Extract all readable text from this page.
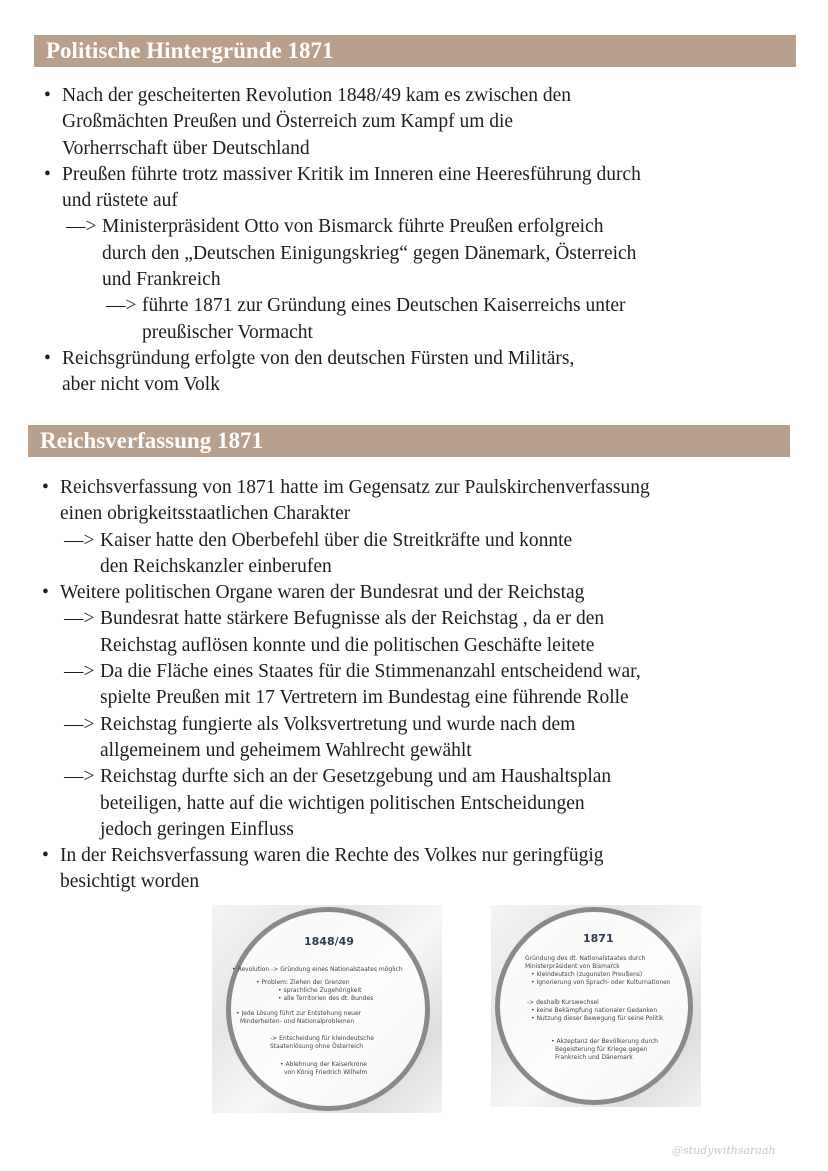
Politische Hintergründe 1871
• Nach der gescheiterten Revolution 1848/49 kam es zwischen den
Großmächten Preußen und Österreich zum Kampf um die
Vorherrschaft über Deutschland
• Preußen führte trotz massiver Kritik im Inneren eine Heeresführung durch
und rüstete auf
—> Ministerpräsident Otto von Bismarck führte Preußen erfolgreich
durch den „Deutschen Einigungskrieg“ gegen Dänemark, Österreich
und Frankreich
—> führte 1871 zur Gründung eines Deutschen Kaiserreichs unter
preußischer Vormacht
• Reichsgründung erfolgte von den deutschen Fürsten und Militärs,
aber nicht vom Volk
Reichsverfassung 1871
• Reichsverfassung von 1871 hatte im Gegensatz zur Paulskirchenverfassung
einen obrigkeitsstaatlichen Charakter
—> Kaiser hatte den Oberbefehl über die Streitkräfte und konnte
den Reichskanzler einberufen
• Weitere politischen Organe waren der Bundesrat und der Reichstag
—> Bundesrat hatte stärkere Befugnisse als der Reichstag , da er den
Reichstag auflösen konnte und die politischen Geschäfte leitete
—> Da die Fläche eines Staates für die Stimmenanzahl entscheidend war,
spielte Preußen mit 17 Vertretern im Bundestag eine führende Rolle
—> Reichstag fungierte als Volksvertretung und wurde nach dem
allgemeinem und geheimem Wahlrecht gewählt
—> Reichstag durfte sich an der Gesetzgebung und am Haushaltsplan
beteiligen, hatte auf die wichtigen politischen Entscheidungen
jedoch geringen Einfluss
• In der Reichsverfassung waren die Rechte des Volkes nur geringfügig
besichtigt worden
1848/49
• Revolution -> Gründung eines Nationalstaates möglich
• Problem: Ziehen der Grenzen
• sprachliche Zugehörigkeit
• alle Territorien des dt. Bundes
• Jede Lösung führt zur Entstehung neuer
Minderheiten- und Nationalproblemen
-> Entscheidung für kleindeutsche
Staatenlösung ohne Österreich
• Ablehnung der Kaiserkrone
von König Friedrich Wilhelm
1871
Gründung des dt. Nationalstaates durch
Ministerpräsident von Bismarck
• kleindeutsch (zugunsten Preußens)
• Ignorierung von Sprach- oder Kulturnationen
-> deshalb Kurswechsel
• keine Bekämpfung nationaler Gedanken
• Nutzung dieser Bewegung für seine Politik
• Akzeptanz der Bevölkerung durch
Begeisterung für Kriege gegen
Frankreich und Dänemark
@studywithsaraah
